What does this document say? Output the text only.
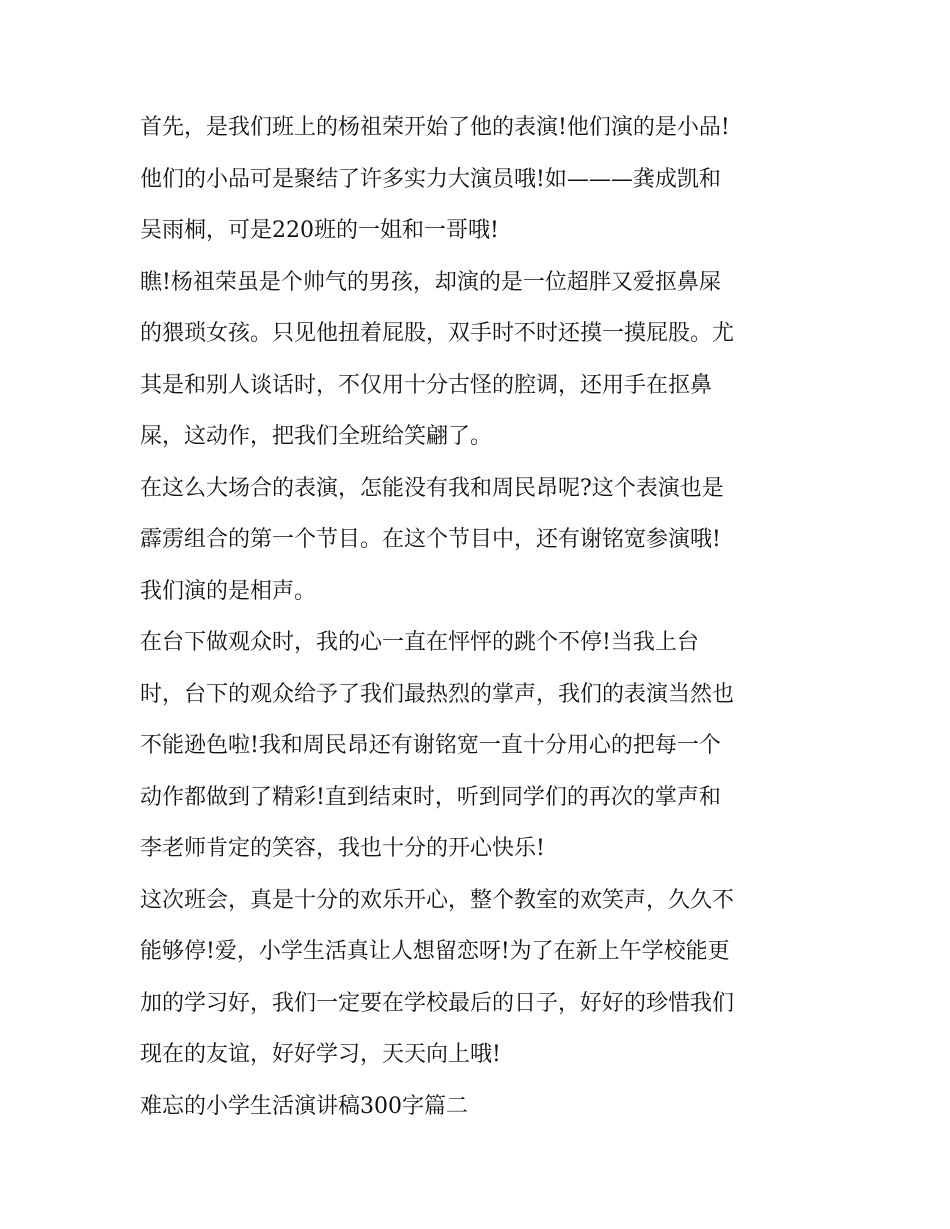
首先，是我们班上的杨祖荣开始了他的表演!他们演的是小品!
他们的小品可是聚结了许多实力大演员哦!如———龚成凯和
吴雨桐，可是220班的一姐和一哥哦!
瞧!杨祖荣虽是个帅气的男孩，却演的是一位超胖又爱抠鼻屎
的猥琐女孩。只见他扭着屁股，双手时不时还摸一摸屁股。尤
其是和别人谈话时，不仅用十分古怪的腔调，还用手在抠鼻
屎，这动作，把我们全班给笑翩了。
在这么大场合的表演，怎能没有我和周民昂呢?这个表演也是
霹雳组合的第一个节目。在这个节目中，还有谢铭宽参演哦!
我们演的是相声。
在台下做观众时，我的心一直在怦怦的跳个不停!当我上台
时，台下的观众给予了我们最热烈的掌声，我们的表演当然也
不能逊色啦!我和周民昂还有谢铭宽一直十分用心的把每一个
动作都做到了精彩!直到结束时，听到同学们的再次的掌声和
李老师肯定的笑容，我也十分的开心快乐!
这次班会，真是十分的欢乐开心，整个教室的欢笑声，久久不
能够停!爱，小学生活真让人想留恋呀!为了在新上午学校能更
加的学习好，我们一定要在学校最后的日子，好好的珍惜我们
现在的友谊，好好学习，天天向上哦!
难忘的小学生活演讲稿300字篇二
